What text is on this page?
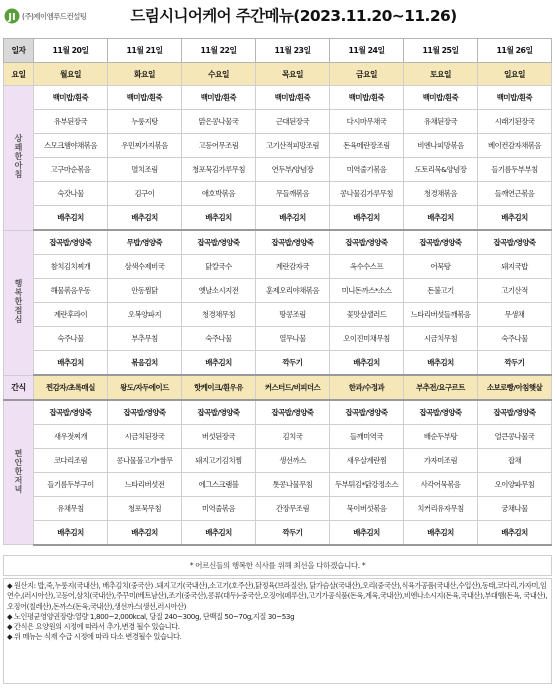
JI (주)제이엠푸드컨설팅	드림시니어케어 주간메뉴(2023.11.20~11.26)
일자	11월 20일	11월 21일	11월 22일	11월 23일	11월 24일	11월 25일	11월 26일
요일	월요일	화요일	수요일	목요일	금요일	토요일	일요일
상쾌한아침	백미밥/흰죽	백미밥/흰죽	백미밥/흰죽	백미밥/흰죽	백미밥/흰죽	백미밥/흰죽	백미밥/흰죽
	유부된장국	누룽지탕	맑은콩나물국	근대된장국	다시마무채국	유채된장국	시래기된장국
	스모크햄야채볶음	우민찌가지볶음	고등어무조림	고기산적피망조림	돈육메란장조림	비엔나피망볶음	베이컨감자채볶음
	고구마순볶음	멸치조림	청포묵김가루무침	연두부/양념장	미역줄기볶음	도토리묵&양념장	들기름두부부침
	숙갓나물	김구이	애호박볶음	무들깨볶음	콩나물김가루무침	청경채볶음	들깨연근볶음
	배추김치	배추김치	배추김치	배추김치	배추김치	배추김치	배추김치
행복한점심	잡곡밥/영양죽	무밥/영양죽	잡곡밥/영양죽	잡곡밥/영양죽	잡곡밥/영양죽	잡곡밥/영양죽	잡곡밥/영양죽
	참치김치찌개	삼색수제비국	닭칼국수	계란감자국	옥수수스프	어묵탕	돼지국밥
	해물볶음우동	안동찜닭	옛날소시지전	훈제오리야채볶음	미니돈까스*소스	돈불고기	고기산적
	계란후라이	오복양파지	청경채무침	땅콩조림	꽃맛살샐러드	느타리버섯들깨볶음	무생채
	숙주나물	부추무침	숙주나물	열무나물	오이진미채무침	시금치무침	숙주나물
	배추김치	볶음김치	배추김치	깍두기	배추김치	배추김치	깍두기
간식	찐감자/초록매실	왕도/자두에이드	핫케이크/흰우유	커스터드/비피더스	한과/수정과	부추전/요구르트	소보로빵/아침햇살
편안한저녁	잡곡밥/영양죽	잡곡밥/영양죽	잡곡밥/영양죽	잡곡밥/영양죽	잡곡밥/영양죽	잡곡밥/영양죽	잡곡밥/영양죽
	새우젓찌개	시금치된장국	버섯된장국	김치국	들깨미역국	배순두부탕	얼큰콩나물국
	코다리조림	콩나물불고기*쌈무	돼지고기김치찜	생선까스	새우살계란찜	가자미조림	잡채
	들기름두부구이	느타리버섯전	에그스크램블	톳콩나물무침	두부튀김*닭강정소스	사각어묵볶음	오이양파무침
	유채무침	청포묵무침	미역줄볶음	간장무조림	묵이버섯볶음	치커리유자무침	궁채나물
	배추김치	배추김치	배추김치	깍두기	배추김치	배추김치	배추김치
* 어르신들의 행복한 식사를 위해 최선을 다하겠습니다. *

◆ 원산지: 밥,죽,누룽지(국내산), 배추김치(중국산) .돼지고기(국내산),소고기(호주산),닭정육(브라질산), 닭가슴살(국내산),오리(중국산),식육가공품(국내산,수입산),동태,코다리,가자미,임연수,(러시아산),고등어,삼치(국내산),주꾸미(베트남산),조기(중국산),콩류(대두)-중국산,오징어(페루산),고기가공식품(돈육,계육,국내산),비엔나소시지(돈육,국내산),부대햄(돈육, 국내산),오징어(칠레산),돈까스(돈육,국내산),생선까스(생선,러시아산)

◆ 노인평균영양권장량:열량 1,800~2,000kcal, 당질 240~300g, 단백질 50~70g,지질 30~53g

◆ 간식은 요양원의 시정에 따라서 추가,변경 될수 있습니다.

◆ 위 메뉴는 식재 수급 시정에 따라 다소 변경될수 있습니다.
